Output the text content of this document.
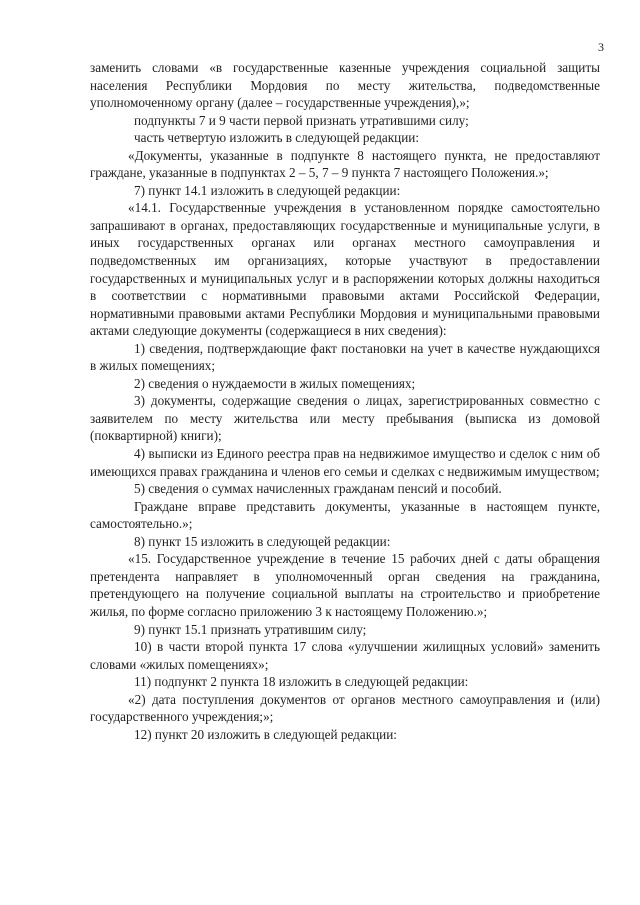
3

заменить словами «в государственные казенные учреждения социальной защиты населения Республики Мордовия по месту жительства, подведомственные уполномоченному органу (далее – государственные учреждения),»;

подпункты 7 и 9 части первой признать утратившими силу;

часть четвертую изложить в следующей редакции:

«Документы, указанные в подпункте 8 настоящего пункта, не предоставляют граждане, указанные в подпунктах 2 – 5, 7 – 9 пункта 7 настоящего Положения.»;

7) пункт 14.1 изложить в следующей редакции:

«14.1. Государственные учреждения в установленном порядке самостоятельно запрашивают в органах, предоставляющих государственные и муниципальные услуги, в иных государственных органах или органах местного самоуправления и подведомственных им организациях, которые участвуют в предоставлении государственных и муниципальных услуг и в распоряжении которых должны находиться в соответствии с нормативными правовыми актами Российской Федерации, нормативными правовыми актами Республики Мордовия и муниципальными правовыми актами следующие документы (содержащиеся в них сведения):

1) сведения, подтверждающие факт постановки на учет в качестве нуждающихся в жилых помещениях;

2) сведения о нуждаемости в жилых помещениях;

3) документы, содержащие сведения о лицах, зарегистрированных совместно с заявителем по месту жительства или месту пребывания (выписка из домовой (поквартирной) книги);

4) выписки из Единого реестра прав на недвижимое имущество и сделок с ним об имеющихся правах гражданина и членов его семьи и сделках с недвижимым имуществом;

5) сведения о суммах начисленных гражданам пенсий и пособий.

Граждане вправе представить документы, указанные в настоящем пункте, самостоятельно.»;

8) пункт 15 изложить в следующей редакции:

«15. Государственное учреждение в течение 15 рабочих дней с даты обращения претендента направляет в уполномоченный орган сведения на гражданина, претендующего на получение социальной выплаты на строительство и приобретение жилья, по форме согласно приложению 3 к настоящему Положению.»;

9) пункт 15.1 признать утратившим силу;

10) в части второй пункта 17 слова «улучшении жилищных условий» заменить словами «жилых помещениях»;

11) подпункт 2 пункта 18 изложить в следующей редакции:

«2) дата поступления документов от органов местного самоуправления и (или) государственного учреждения;»;

12) пункт 20 изложить в следующей редакции:
